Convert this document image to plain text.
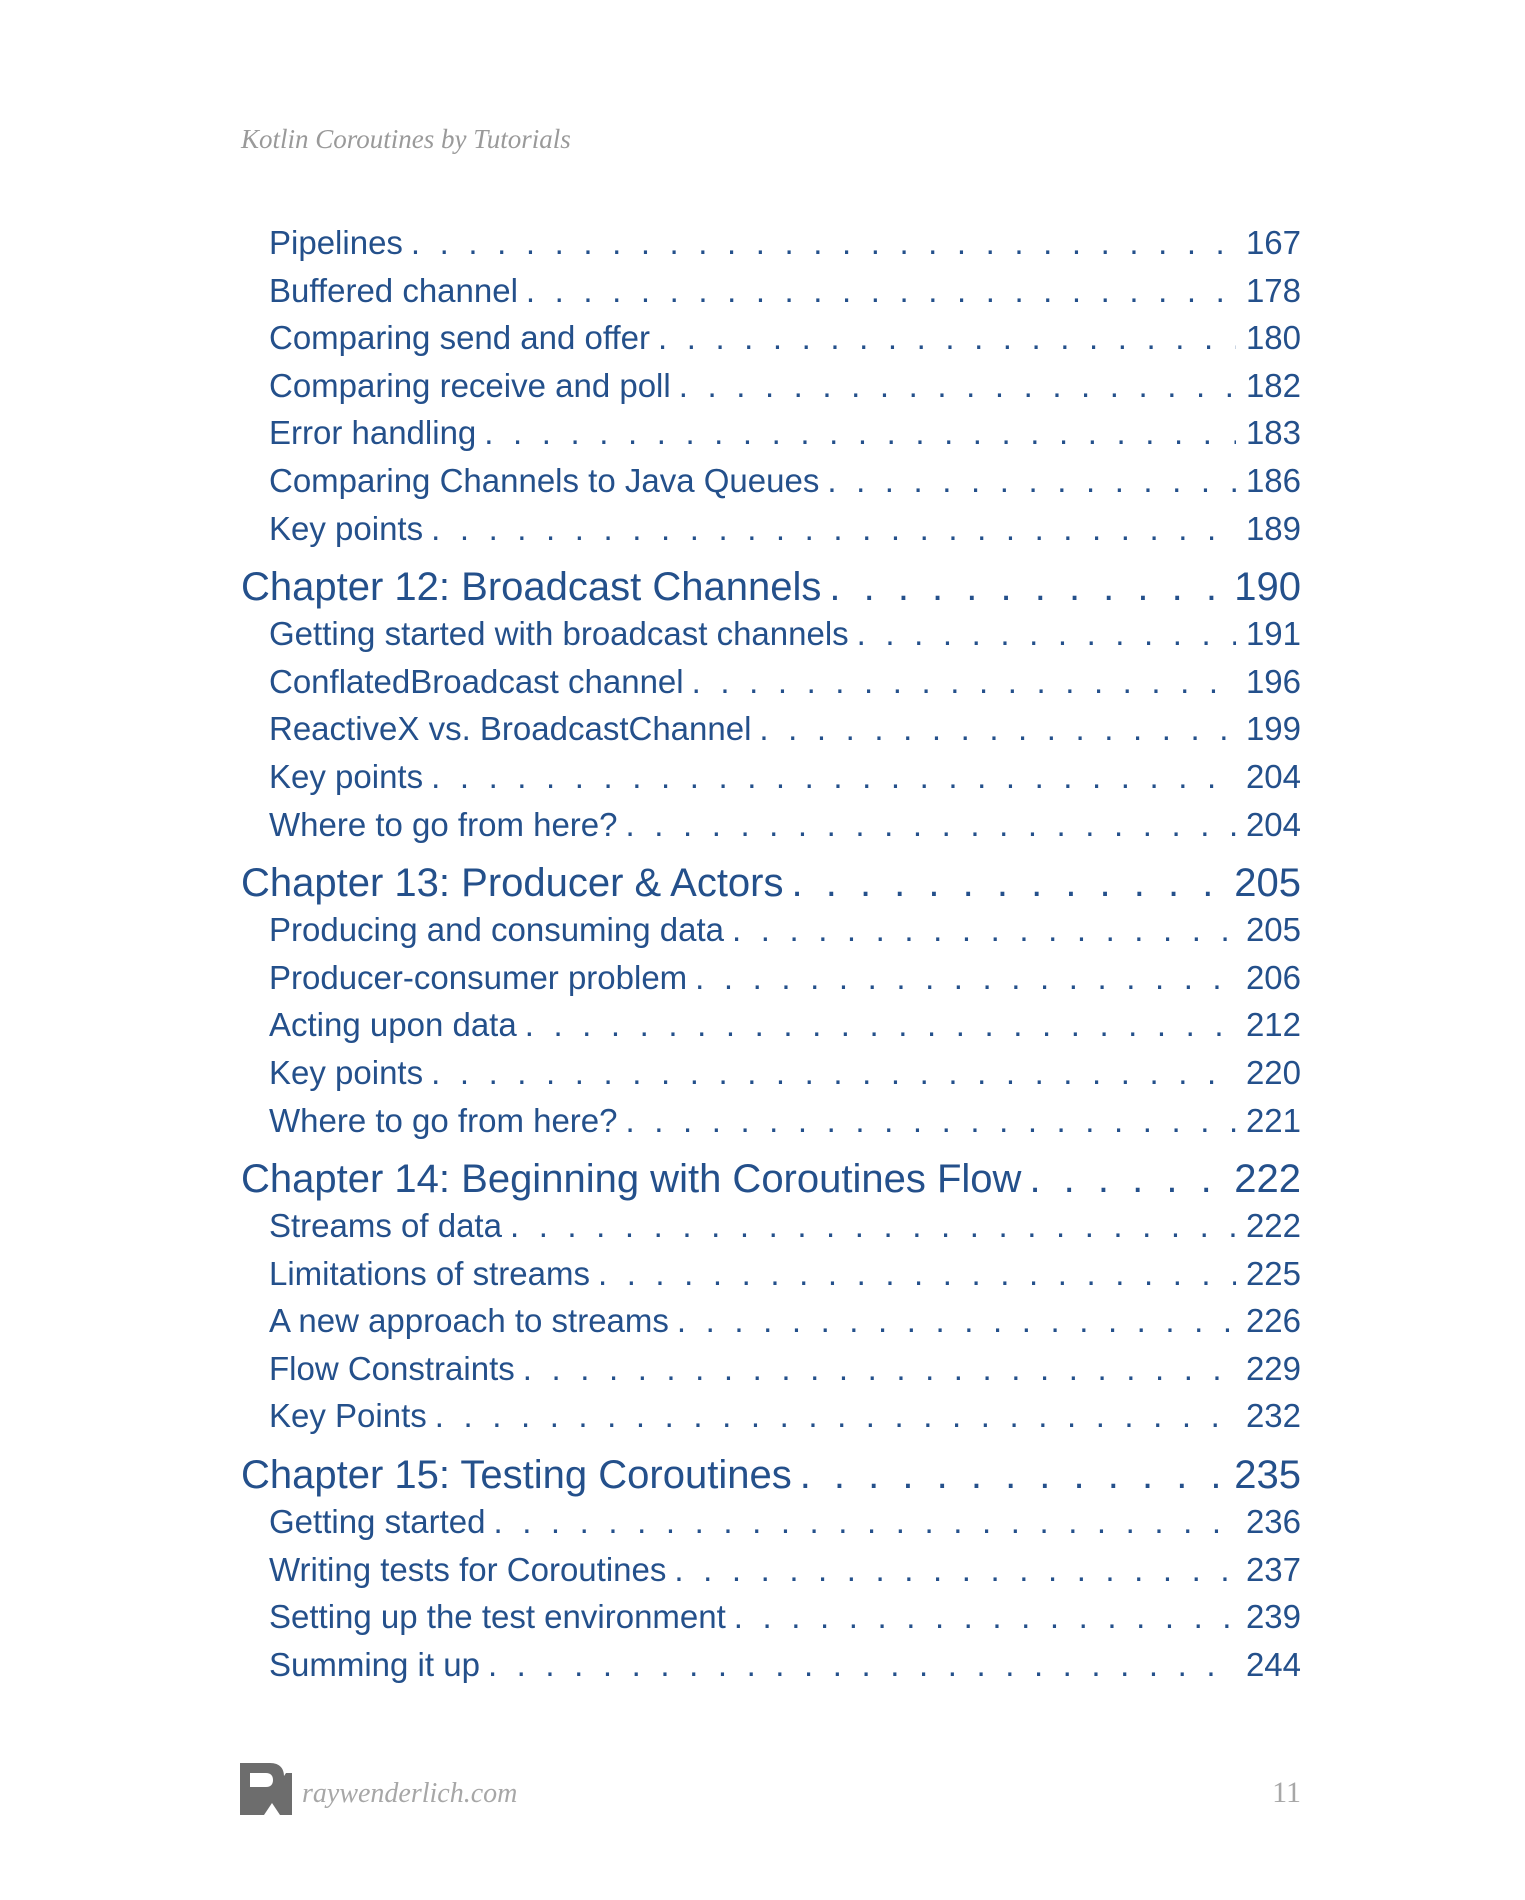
Kotlin Coroutines by Tutorials
Pipelines . . .	167
Buffered channel . . .	178
Comparing send and offer . . .	180
Comparing receive and poll . . .	182
Error handling . . .	183
Comparing Channels to Java Queues . . .	186
Key points . . .	189
Chapter 12: Broadcast Channels . . .	190
Getting started with broadcast channels . . .	191
ConflatedBroadcast channel . . .	196
ReactiveX vs. BroadcastChannel . . .	199
Key points . . .	204
Where to go from here? . . .	204
Chapter 13: Producer & Actors . . .	205
Producing and consuming data . . .	205
Producer-consumer problem . . .	206
Acting upon data . . .	212
Key points . . .	220
Where to go from here? . . .	221
Chapter 14: Beginning with Coroutines Flow . . .	222
Streams of data . . .	222
Limitations of streams . . .	225
A new approach to streams . . .	226
Flow Constraints . . .	229
Key Points . . .	232
Chapter 15: Testing Coroutines . . .	235
Getting started . . .	236
Writing tests for Coroutines . . .	237
Setting up the test environment . . .	239
Summing it up . . .	244
raywenderlich.com	11
